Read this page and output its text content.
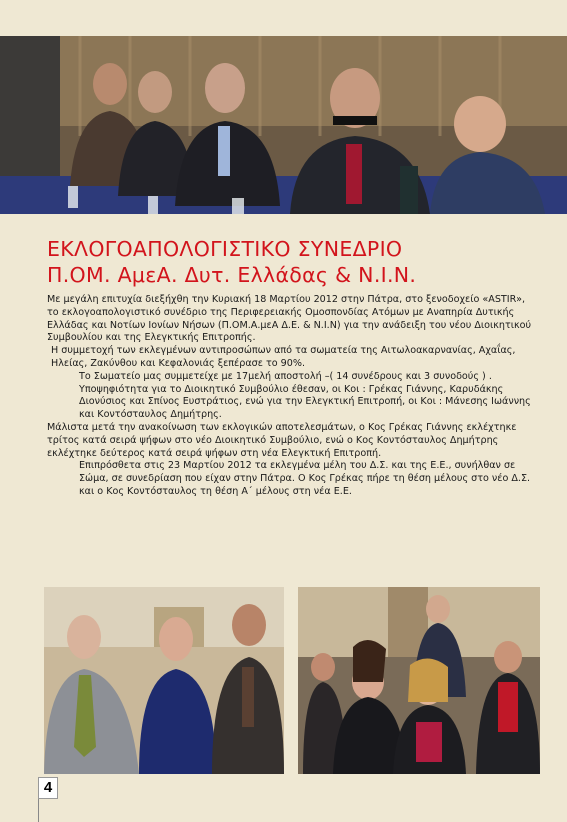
ΕΚΛΟΓΟΑΠΟΛΟΓΙΣΤΙΚΟ ΣΥΝΕΔΡΙΟ
Π.ΟΜ. ΑμεΑ. Δυτ. Ελλάδας & Ν.Ι.Ν.

Με μεγάλη επιτυχία διεξήχθη την Κυριακή 18 Μαρτίου 2012 στην Πάτρα, στο ξενοδοχείο «ASTIR», το εκλογοαπολογιστικό συνέδριο της Περιφερειακής Ομοσπονδίας Ατόμων με Αναπηρία Δυτικής Ελλάδας και Νοτίων Ιονίων Νήσων (Π.ΟΜ.Α.μεΑ Δ.Ε. & Ν.Ι.Ν) για την ανάδειξη του νέου Διοικητικού Συμβουλίου και της Ελεγκτικής Επιτροπής.

Η συμμετοχή των εκλεγμένων αντιπροσώπων από τα σωματεία της Αιτωλοακαρνανίας, Αχαΐας, Ηλείας, Ζακύνθου και Κεφαλονιάς ξεπέρασε το 90%.

Το Σωματείο μας συμμετείχε με 17μελή αποστολή –( 14 συνέδρους και 3 συνοδούς ) . Υποψηφιότητα για το Διοικητικό Συμβούλιο έθεσαν, οι Κοι : Γρέκας Γιάννης, Καρυδάκης Διονύσιος και Σπίνος Ευστράτιος, ενώ για την Ελεγκτική Επιτροπή, οι Κοι : Μάνεσης Ιωάννης και Κοντόσταυλος Δημήτρης.

Μάλιστα μετά την ανακοίνωση των εκλογικών αποτελεσμάτων, ο Κος Γρέκας Γιάννης εκλέχτηκε τρίτος κατά σειρά ψήφων στο νέο Διοικητικό Συμβούλιο, ενώ ο Κος Κοντόσταυλος Δημήτρης εκλέχτηκε δεύτερος κατά σειρά ψήφων στη νέα Ελεγκτική Επιτροπή.

Επιπρόσθετα στις 23 Μαρτίου 2012 τα εκλεγμένα μέλη του Δ.Σ. και της Ε.Ε., συνήλθαν σε Σώμα, σε συνεδρίαση που είχαν στην Πάτρα. Ο Κος Γρέκας πήρε τη θέση μέλους στο νέο Δ.Σ. και ο Κος Κοντόσταυλος τη θέση Α΄ μέλους στη νέα Ε.Ε.

4
